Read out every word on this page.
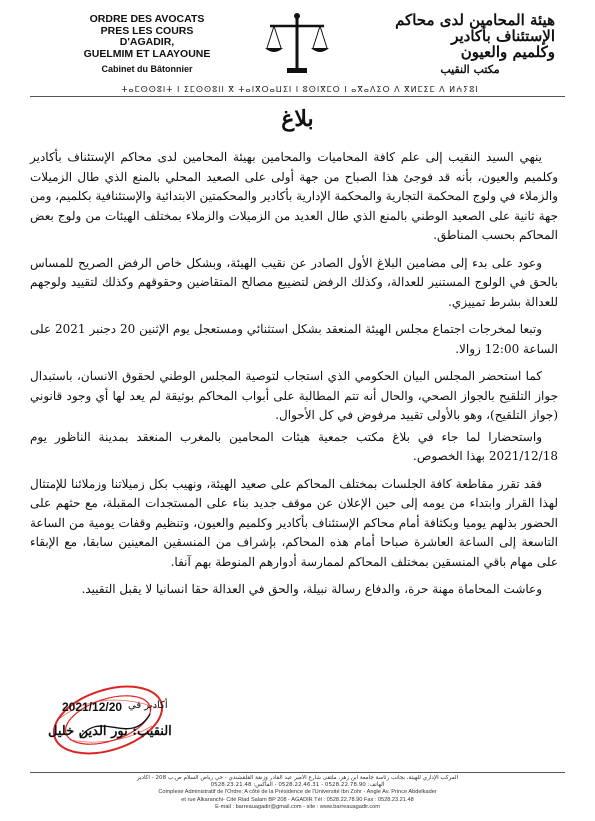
ORDRE DES AVOCATS
PRES LES COURS
D'AGADIR,
GUELMIM ET LAAYOUNE
Cabinet du Bâtonnier
هيئة المحامين لدى محاكم
الإستئناف بأكادير
وكلميم والعيون
مكتب النقيب
ⵜⴰⵎⵙⵙⵓⵏⵜ ⵏ ⵉⵎⵙⵙⵓⵏⵏ ⴳ ⵜⴰⵏⴳⵔⴰⵡⵉⵏ ⵏ ⵓⵙⵏⴳⵎⵔ ⵏ ⴰⴳⴰⴷⵉⵔ ⴷ ⴳⵍⵎⵉⵎ ⴷ ⵍⵄⵢⵓⵏ
بلاغ

ينهي السيد النقيب إلى علم كافة المحاميات والمحامين بهيئة المحامين لدى محاكم الإستئناف بأكادير وكلميم والعيون، بأنه قد فوجئ هذا الصباح من جهة أولى على الصعيد المحلي بالمنع الذي طال الزميلات والزملاء في ولوج المحكمة التجارية والمحكمة الإدارية بأكادير والمحكمتين الابتدائية والإستئنافية بكلميم، ومن جهة ثانية على الصعيد الوطني بالمنع الذي طال العديد من الزميلات والزملاء بمختلف الهيئات من ولوج بعض المحاكم بحسب المناطق.

وعود على بدء إلى مضامين البلاغ الأول الصادر عن نقيب الهيئة، وبشكل خاص الرفض الصريح للمساس بالحق في الولوج المستنير للعدالة، وكذلك الرفض لتضييع مصالح المتقاضين وحقوقهم وكذلك لتقييد ولوجهم للعدالة بشرط تمييزي.

وتبعا لمخرجات اجتماع مجلس الهيئة المنعقد بشكل استثنائي ومستعجل يوم الإثنين 20 دجنبر 2021 على الساعة 12:00 زوالا.

كما استحضر المجلس البيان الحكومي الذي استجاب لتوصية المجلس الوطني لحقوق الانسان، باستبدال جواز التلقيح بالجواز الصحي، والحال أنه تتم المطالبة على أبواب المحاكم بوثيقة لم يعد لها أي وجود قانوني (جواز التلقيح)، وهو بالأولى تقييد مرفوض في كل الأحوال.

واستحضارا لما جاء في بلاغ مكتب جمعية هيئات المحامين بالمغرب المنعقد بمدينة الناظور يوم 2021/12/18 بهذا الخصوص.

فقد تقرر مقاطعة كافة الجلسات بمختلف المحاكم على صعيد الهيئة، ونهيب بكل زميلاتنا وزملائنا للإمتثال لهذا القرار وابتداء من يومه إلى حين الإعلان عن موقف جديد بناء على المستجدات المقبلة، مع حثهم على الحضور بذلهم يوميا وبكثافة أمام محاكم الإستئناف بأكادير وكلميم والعيون، وتنظيم وقفات يومية من الساعة التاسعة إلى الساعة العاشرة صباحا أمام هذه المحاكم، بإشراف من المنسقين المعينين سابقا، مع الإبقاء على مهام باقي المنسقين بمختلف المحاكم لممارسة أدوارهم المنوطة بهم آنفا.

وعاشت المحاماة مهنة حرة، والدفاع رسالة نبيلة، والحق في العدالة حقا انسانيا لا يقبل التقييد.

أكادير في
2021/12/20
النقيب: نور الدين خليل
المركب الإداري للهيئة، بجانب رئاسة جامعة ابن زهر، ملتقى شارع الأمير عبد القادر وزنقة القلقشندي - حي رياض السلام ص.ب 208 - أكادير
الهاتف: 0528.22.78.90 - 0528.22.46.31 - الفاكس: 0528.23.21.48
Complexe Administratif de l'Ordre: A côté de la Présidence de l'Université Ibn Zohr - Angle Av. Prince Abdelkader
et rue Alkaranchi- Cité Riad Salam BP 208 - AGADIR Tél : 0528.22.78.90 Fax : 0528.23.21.48
E-mail : barreauagadir@gmail.com - site : www.barreauagadir.com
